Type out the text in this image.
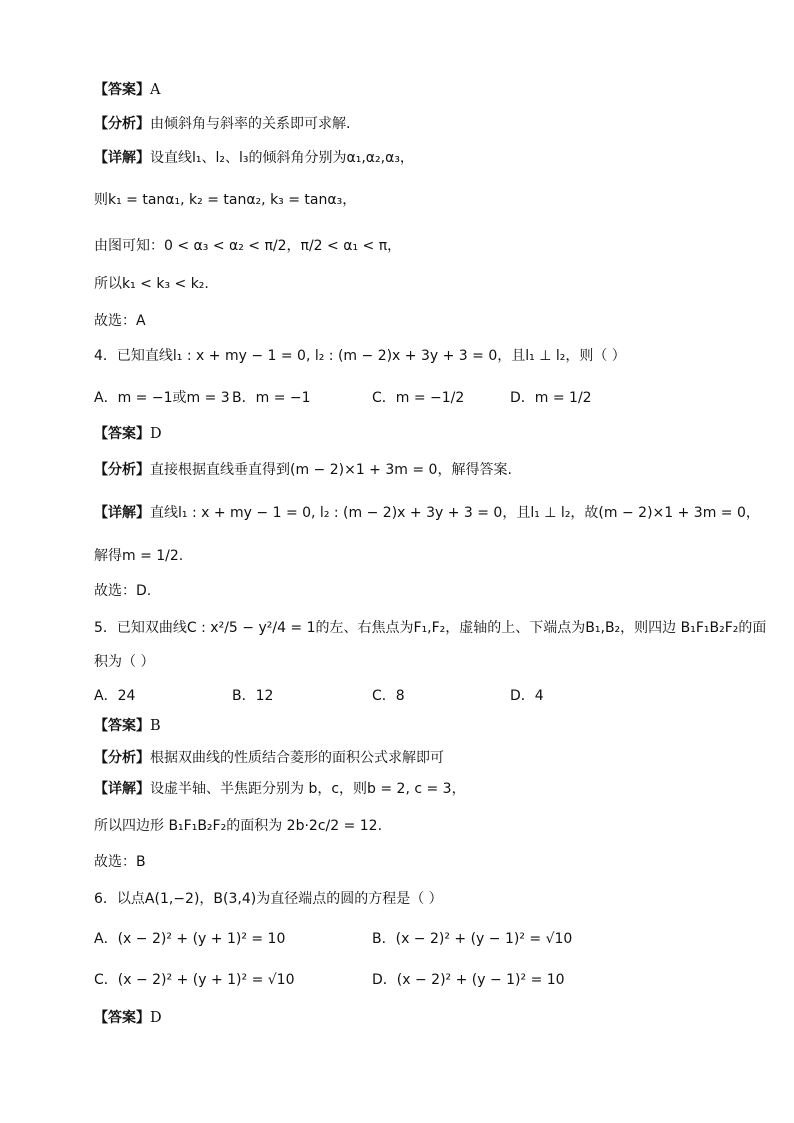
【答案】A
【分析】由倾斜角与斜率的关系即可求解.
【详解】设直线l₁、l₂、l₃的倾斜角分别为α₁,α₂,α₃，
则k₁ = tanα₁, k₂ = tanα₂, k₃ = tanα₃，
由图可知：0 < α₃ < α₂ < π/2，π/2 < α₁ < π，
所以k₁ < k₃ < k₂.
故选：A
4．已知直线l₁ : x + my − 1 = 0, l₂ : (m − 2)x + 3y + 3 = 0，且l₁ ⊥ l₂，则（ ）
A．m = −1或m = 3 B．m = −1	C．m = −1/2	D．m = 1/2
【答案】D
【分析】直接根据直线垂直得到(m − 2)×1 + 3m = 0，解得答案.
【详解】直线l₁ : x + my − 1 = 0, l₂ : (m − 2)x + 3y + 3 = 0，且l₁ ⊥ l₂，故(m − 2)×1 + 3m = 0，
解得m = 1/2.
故选：D.
5．已知双曲线C : x²/5 − y²/4 = 1的左、右焦点为F₁,F₂，虚轴的上、下端点为B₁,B₂，则四边 B₁F₁B₂F₂的面
积为（ ）
A．24	B．12	C．8	D．4
【答案】B
【分析】根据双曲线的性质结合菱形的面积公式求解即可
【详解】设虚半轴、半焦距分别为 b，c，则b = 2, c = 3，
所以四边形 B₁F₁B₂F₂的面积为 2b·2c/2 = 12.
故选：B
6．以点A(1,−2)，B(3,4)为直径端点的圆的方程是（ ）
A．(x − 2)² + (y + 1)² = 10	B．(x − 2)² + (y − 1)² = √10
C．(x − 2)² + (y + 1)² = √10	D．(x − 2)² + (y − 1)² = 10
【答案】D
